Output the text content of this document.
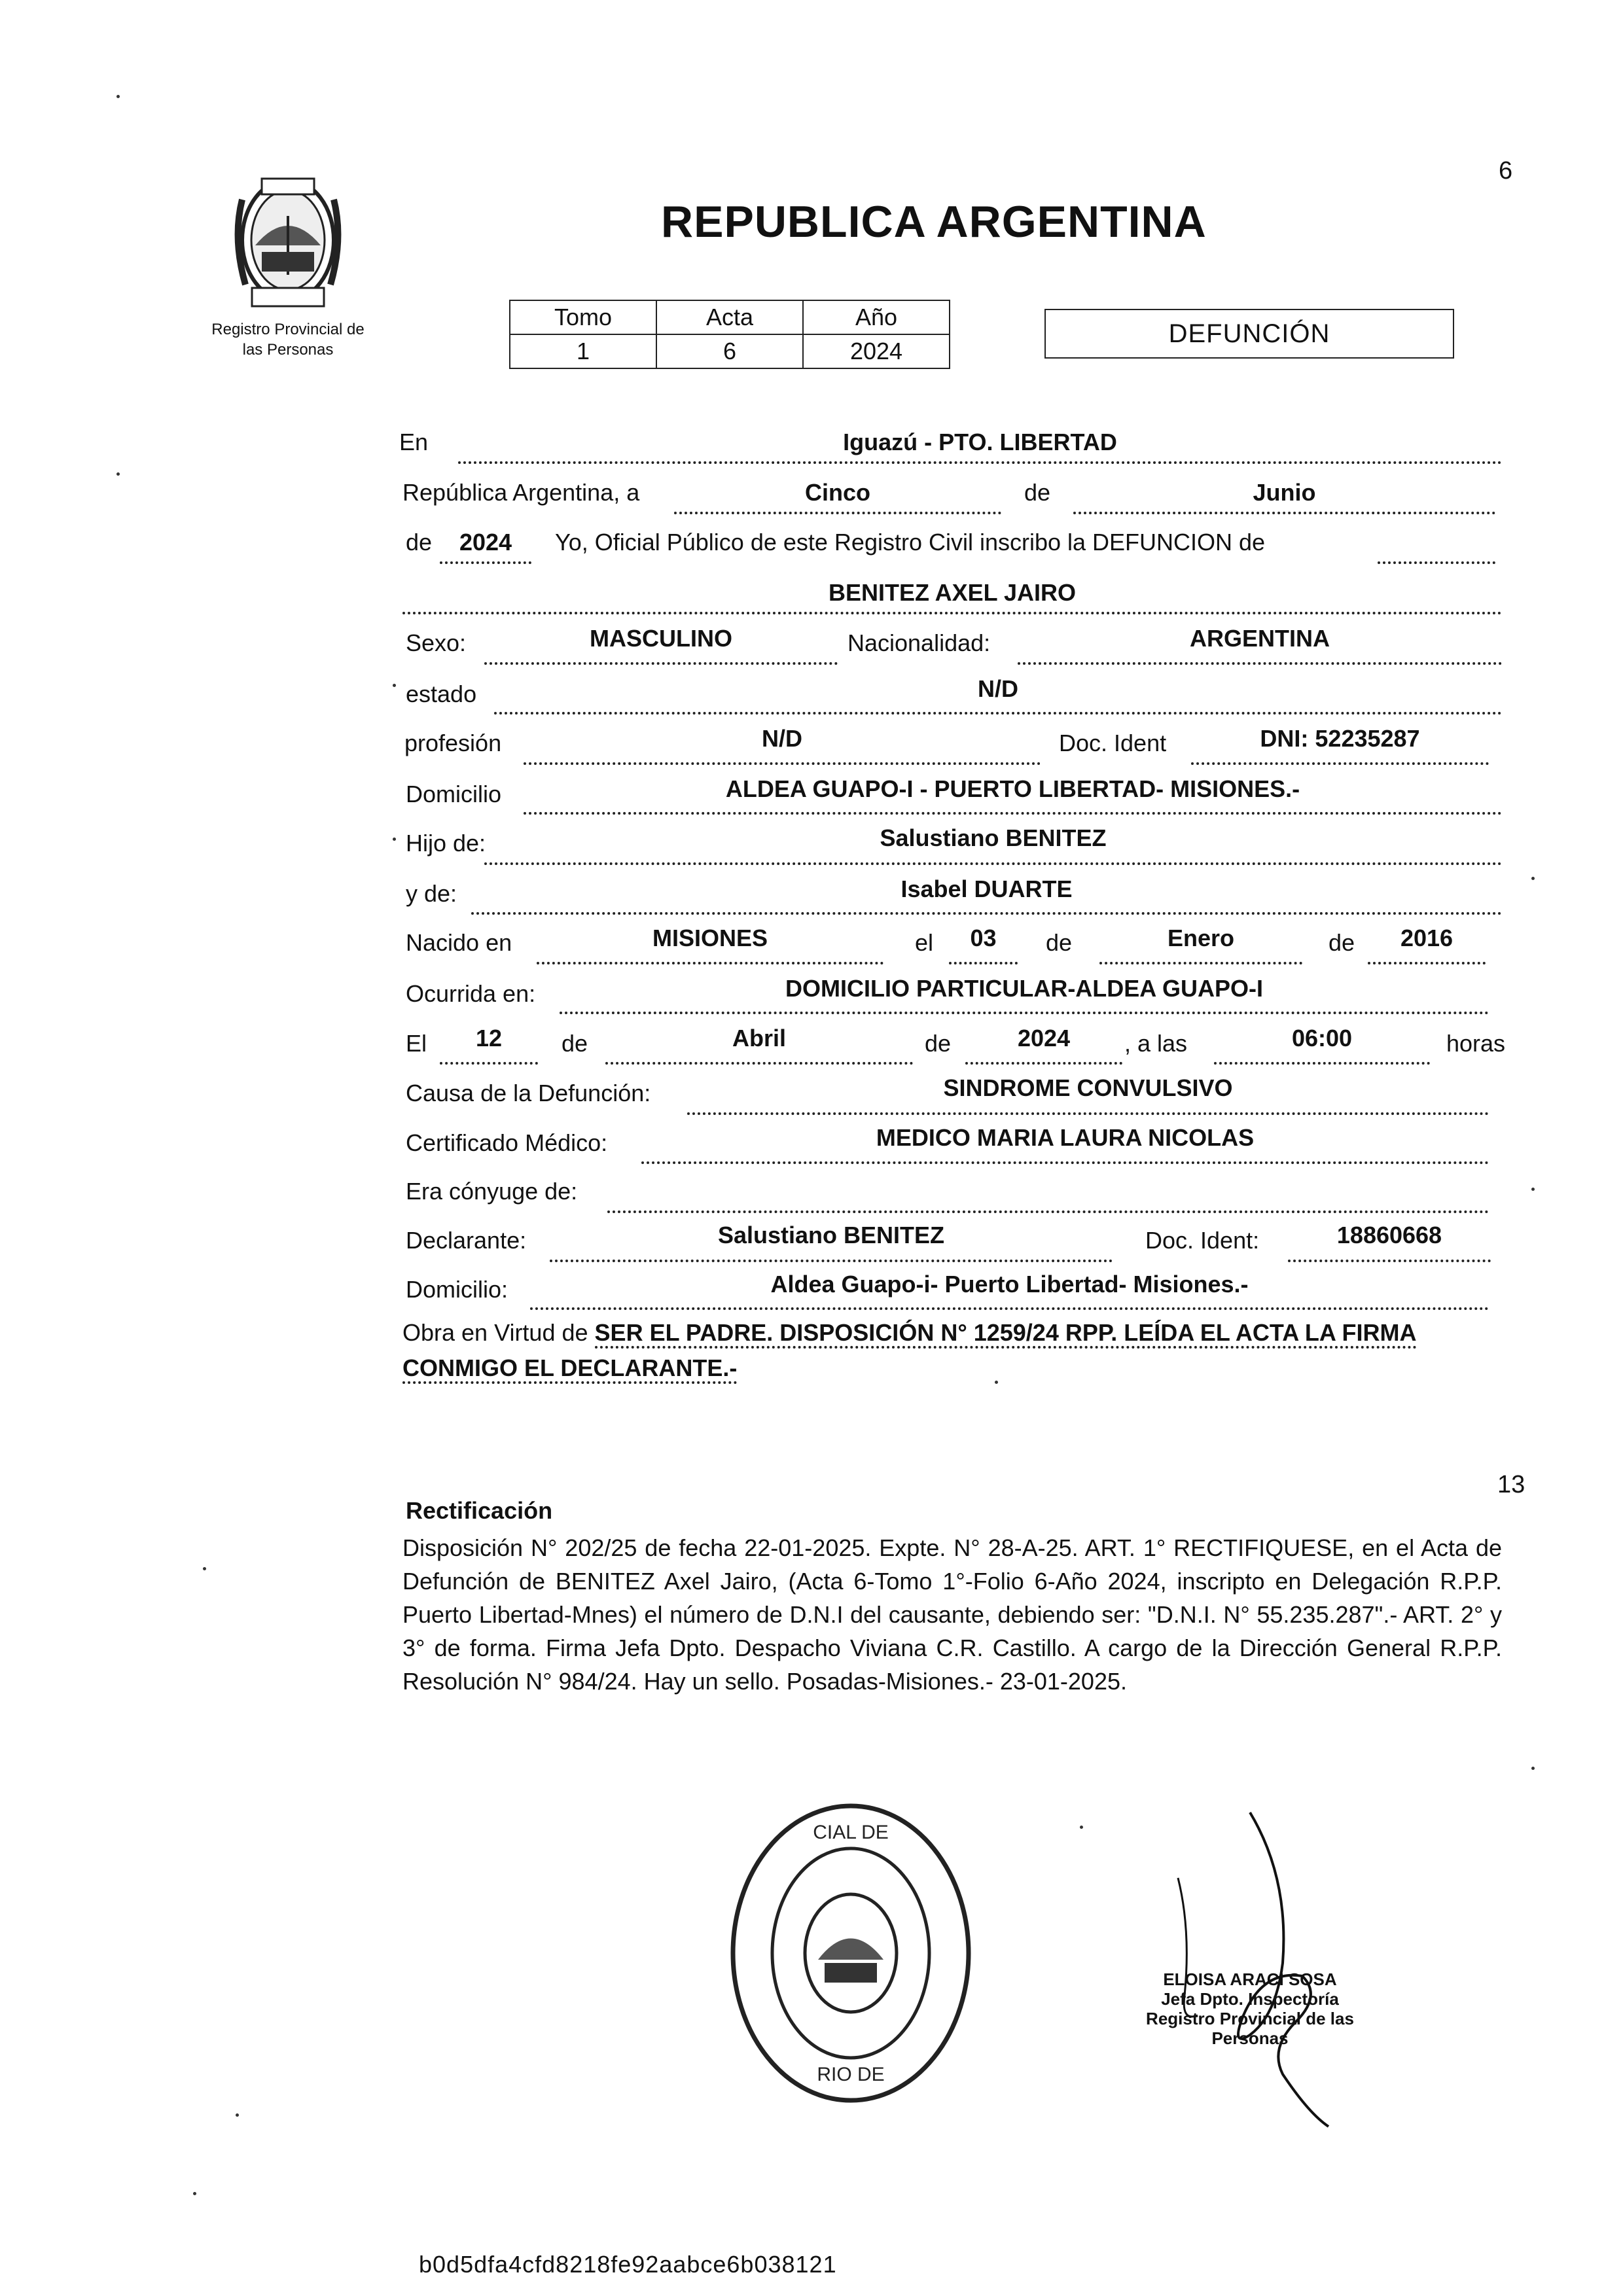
6
Registro Provincial de
las Personas
REPUBLICA ARGENTINA
Tomo	Acta	Año
1	6	2024
DEFUNCIÓN
En	Iguazú - PTO. LIBERTAD
República Argentina, a	Cinco	de	Junio
de	2024	Yo, Oficial Público de este Registro Civil inscribo la DEFUNCION de
BENITEZ AXEL JAIRO
Sexo:	MASCULINO	Nacionalidad:	ARGENTINA
estado	N/D
profesión	N/D	Doc. Ident	DNI: 52235287
Domicilio	ALDEA GUAPO-I - PUERTO LIBERTAD- MISIONES.-
Hijo de:	Salustiano BENITEZ
y de:	Isabel DUARTE
Nacido en	MISIONES	el	03	de	Enero	de	2016
Ocurrida en:	DOMICILIO PARTICULAR-ALDEA GUAPO-I
El	12	de	Abril	de	2024	, a las	06:00	horas
Causa de la Defunción:	SINDROME CONVULSIVO
Certificado Médico:	MEDICO MARIA LAURA NICOLAS
Era cónyuge de:
Declarante:	Salustiano BENITEZ	Doc. Ident:	18860668
Domicilio:	Aldea Guapo-i- Puerto Libertad- Misiones.-
Obra en Virtud de SER EL PADRE. DISPOSICIÓN N° 1259/24 RPP. LEÍDA EL ACTA LA FIRMA CONMIGO EL DECLARANTE.-
13
Rectificación
Disposición N° 202/25 de fecha 22-01-2025. Expte. N° 28-A-25. ART. 1° RECTIFIQUESE, en el Acta de Defunción de BENITEZ Axel Jairo, (Acta 6-Tomo 1°-Folio 6-Año 2024, inscripto en Delegación R.P.P. Puerto Libertad-Mnes) el número de D.N.I del causante, debiendo ser: "D.N.I. N° 55.235.287".- ART. 2° y 3° de forma. Firma Jefa Dpto. Despacho Viviana C.R. Castillo. A cargo de la Dirección General R.P.P. Resolución N° 984/24. Hay un sello. Posadas-Misiones.- 23-01-2025.
CIAL DE
RIO DE
ELOISA ARACI SOSA
Jefa Dpto. Inspectoría
Registro Provincial de las Personas
b0d5dfa4cfd8218fe92aabce6b038121
